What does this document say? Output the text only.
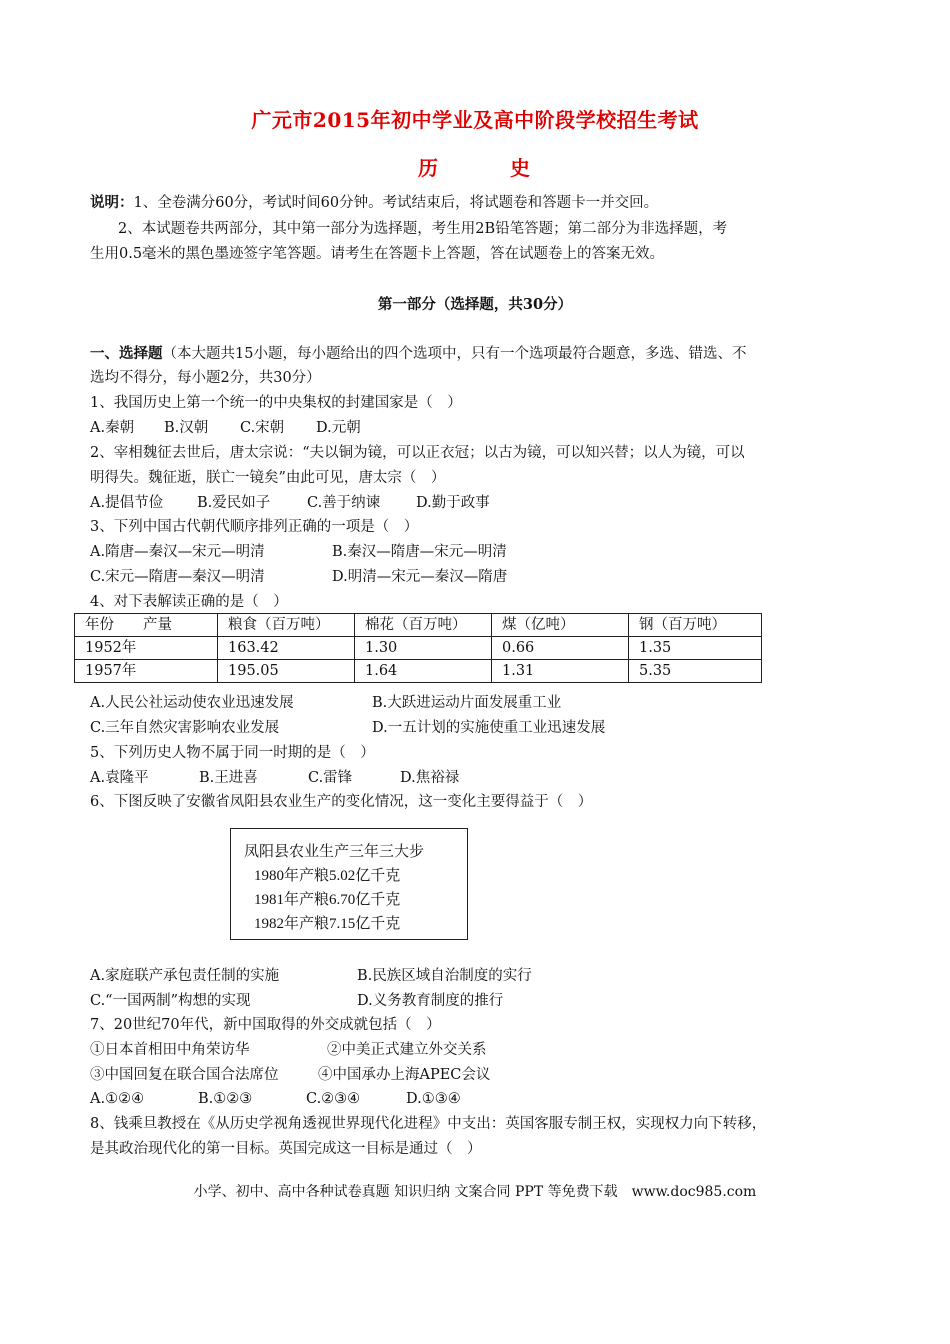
广元市2015年初中学业及高中阶段学校招生考试
历　史
说明：1、全卷满分60分，考试时间60分钟。考试结束后，将试题卷和答题卡一并交回。
2、本试题卷共两部分，其中第一部分为选择题，考生用2B铅笔答题；第二部分为非选择题，考
生用0.5毫米的黑色墨迹签字笔答题。请考生在答题卡上答题，答在试题卷上的答案无效。
第一部分（选择题，共30分）
一、选择题（本大题共15小题，每小题给出的四个选项中，只有一个选项最符合题意，多选、错选、不
选均不得分，每小题2分，共30分）
1、我国历史上第一个统一的中央集权的封建国家是（　）
A.秦朝 B.汉朝 C.宋朝 D.元朝
2、宰相魏征去世后，唐太宗说：“夫以铜为镜，可以正衣冠；以古为镜，可以知兴替；以人为镜，可以
明得失。魏征逝，朕亡一镜矣”由此可见，唐太宗（　）
A.提倡节俭 B.爱民如子	C.善于纳谏 D.勤于政事
3、下列中国古代朝代顺序排列正确的一项是（　）
A.隋唐—秦汉—宋元—明清	B.秦汉—隋唐—宋元—明清
C.宋元—隋唐—秦汉—明清	D.明清—宋元—秦汉—隋唐
4、对下表解读正确的是（　）
年份　　产量	粮食（百万吨）	棉花（百万吨）	煤（亿吨）	钢（百万吨）
1952年	163.42	1.30	0.66	1.35
1957年	195.05	1.64	1.31	5.35
A.人民公社运动使农业迅速发展	B.大跃进运动片面发展重工业
C.三年自然灾害影响农业发展	D.一五计划的实施使重工业迅速发展
5、下列历史人物不属于同一时期的是（　）
A.袁隆平	B.王进喜	C.雷锋	D.焦裕禄
6、下图反映了安徽省凤阳县农业生产的变化情况，这一变化主要得益于（　）
凤阳县农业生产三年三大步
1980年产粮5.02亿千克
1981年产粮6.70亿千克
1982年产粮7.15亿千克
A.家庭联产承包责任制的实施	B.民族区域自治制度的实行
C.“一国两制”构想的实现	D.义务教育制度的推行
7、20世纪70年代，新中国取得的外交成就包括（　）
①日本首相田中角荣访华	②中美正式建立外交关系
③中国回复在联合国合法席位	④中国承办上海APEC会议
A.①②④	B.①②③	C.②③④	D.①③④
8、钱乘旦教授在《从历史学视角透视世界现代化进程》中支出：英国客服专制王权，实现权力向下转移，
是其政治现代化的第一目标。英国完成这一目标是通过（　）
小学、初中、高中各种试卷真题 知识归纳 文案合同 PPT 等免费下载　www.doc985.com
